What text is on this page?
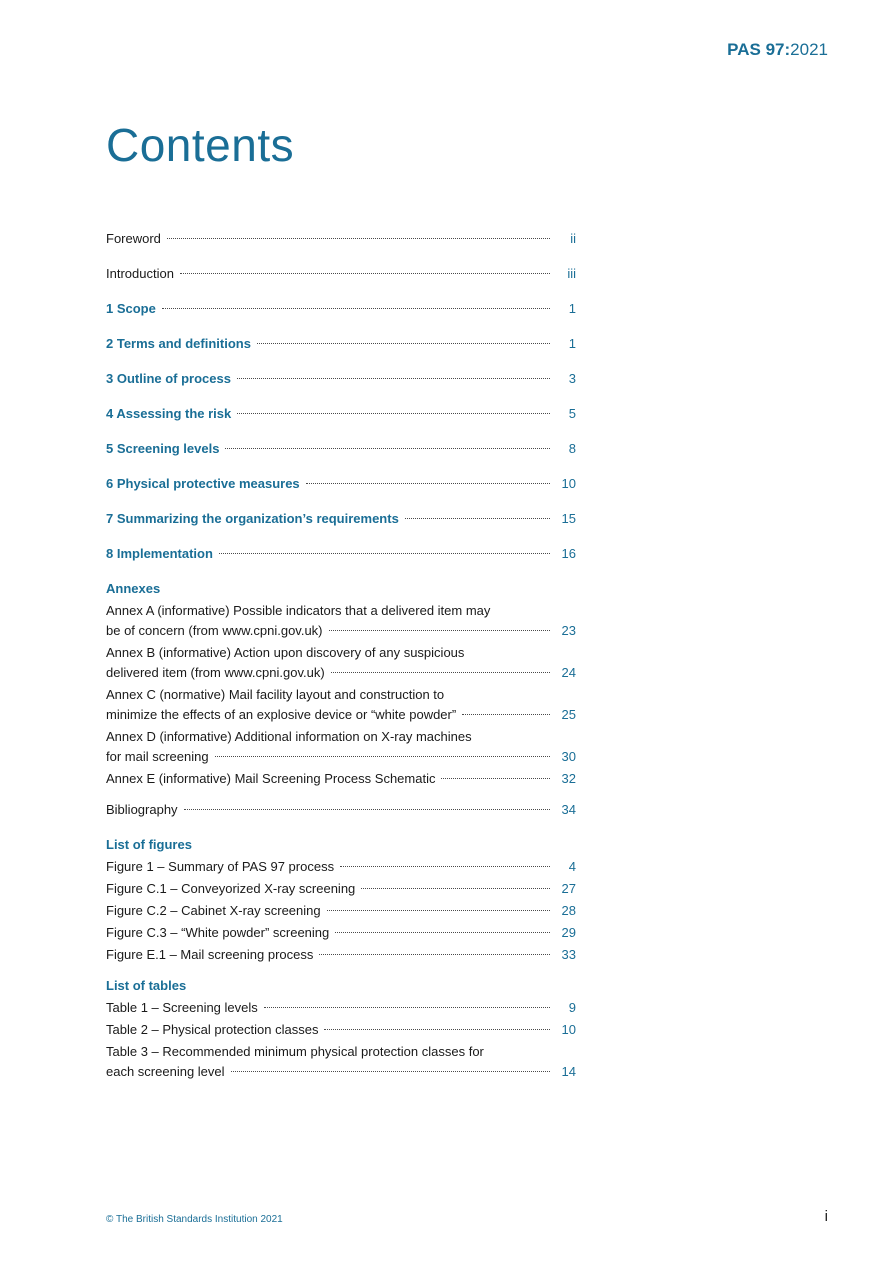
PAS 97:2021
Contents
Foreword	ii
Introduction	iii
1 Scope	1
2 Terms and definitions	1
3 Outline of process	3
4 Assessing the risk	5
5 Screening levels	8
6 Physical protective measures	10
7 Summarizing the organization’s requirements	15
8 Implementation	16
Annexes
Annex A (informative) Possible indicators that a delivered item may
be of concern (from www.cpni.gov.uk)	23
Annex B (informative) Action upon discovery of any suspicious
delivered item (from www.cpni.gov.uk)	24
Annex C (normative) Mail facility layout and construction to
minimize the effects of an explosive device or “white powder”	25
Annex D (informative) Additional information on X-ray machines
for mail screening	30
Annex E (informative) Mail Screening Process Schematic	32
Bibliography	34
List of figures
Figure 1 – Summary of PAS 97 process	4
Figure C.1 – Conveyorized X-ray screening	27
Figure C.2 – Cabinet X-ray screening	28
Figure C.3 – “White powder” screening	29
Figure E.1 – Mail screening process	33
List of tables
Table 1 – Screening levels	9
Table 2 – Physical protection classes	10
Table 3 – Recommended minimum physical protection classes for
each screening level	14
© The British Standards Institution 2021	i
